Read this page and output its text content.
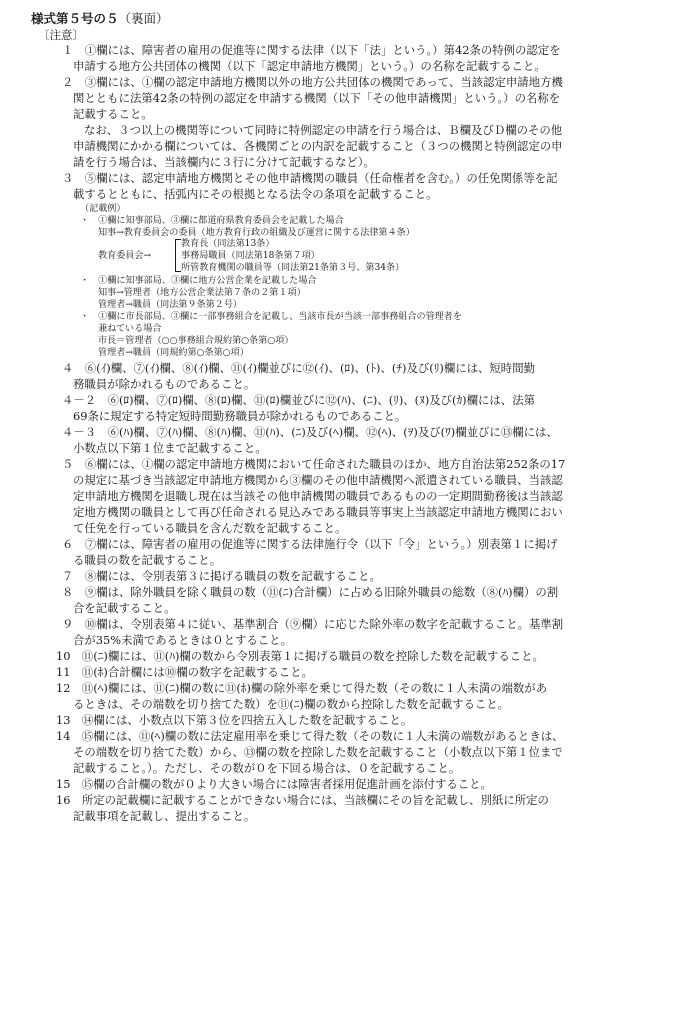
様式第５号の５（裏面）
〔注意〕
１　①欄には、障害者の雇用の促進等に関する法律（以下「法」という。）第42条の特例の認定を
申請する地方公共団体の機関（以下「認定申請地方機関」という。）の名称を記載すること。
２　③欄には、①欄の認定申請地方機関以外の地方公共団体の機関であって、当該認定申請地方機
関とともに法第42条の特例の認定を申請する機関（以下「その他申請機関」という。）の名称を
記載すること。
なお、３つ以上の機関等について同時に特例認定の申請を行う場合は、Ｂ欄及びＤ欄のその他
申請機関にかかる欄については、各機関ごとの内訳を記載すること（３つの機関と特例認定の申
請を行う場合は、当該欄内に３行に分けて記載するなど）。
３　⑤欄には、認定申請地方機関とその他申請機関の職員（任命権者を含む。）の任免関係等を記
載するとともに、括弧内にその根拠となる法令の条項を記載すること。
（記載例）
・　①欄に知事部局、③欄に都道府県教育委員会を記載した場合
知事→教育委員会の委員（地方教育行政の組織及び運営に関する法律第４条）
教育長（同法第13条）
教育委員会→	事務局職員（同法第18条第７項）
所管教育機関の職員等（同法第21条第３号、第34条）
・　①欄に知事部局、③欄に地方公営企業を記載した場合
知事→管理者（地方公営企業法第７条の２第１項）
管理者→職員（同法第９条第２号）
・　①欄に市長部局、③欄に一部事務組合を記載し、当該市長が当該一部事務組合の管理者を
兼ねている場合
市長＝管理者（○○事務組合規約第○条第○項）
管理者→職員（同規約第○条第○項）
４　⑥(ｲ)欄、⑦(ｲ)欄、⑧(ｲ)欄、⑪(ｲ)欄並びに⑫(ｲ)、(ﾛ)、(ﾄ)、(ﾁ)及び(ﾘ)欄には、短時間勤
務職員が除かれるものであること。
４－２　⑥(ﾛ)欄、⑦(ﾛ)欄、⑧(ﾛ)欄、⑪(ﾛ)欄並びに⑫(ﾊ)、(ﾆ)、(ﾘ)、(ﾇ)及び(ｶ)欄には、法第
69条に規定する特定短時間勤務職員が除かれるものであること。
４－３　⑥(ﾊ)欄、⑦(ﾊ)欄、⑧(ﾊ)欄、⑪(ﾊ)、(ﾆ)及び(ﾍ)欄、⑫(ﾍ)、(ｦ)及び(ﾜ)欄並びに⑬欄には、
小数点以下第１位まで記載すること。
５　⑥欄には、①欄の認定申請地方機関において任命された職員のほか、地方自治法第252条の17
の規定に基づき当該認定申請地方機関から③欄のその他申請機関へ派遣されている職員、当該認
定申請地方機関を退職し現在は当該その他申請機関の職員であるものの一定期間勤務後は当該認
定地方機関の職員として再び任命される見込みである職員等事実上当該認定申請地方機関におい
て任免を行っている職員を含んだ数を記載すること。
６　⑦欄には、障害者の雇用の促進等に関する法律施行令（以下「令」という。）別表第１に掲げ
る職員の数を記載すること。
７　⑧欄には、令別表第３に掲げる職員の数を記載すること。
８　⑨欄は、除外職員を除く職員の数（⑪(ﾆ)合計欄）に占める旧除外職員の総数（⑧(ﾊ)欄）の割
合を記載すること。
９　⑩欄は、令別表第４に従い、基準割合（⑨欄）に応じた除外率の数字を記載すること。基準割
合が35%未満であるときは０とすること。
10　⑪(ﾆ)欄には、⑪(ﾊ)欄の数から令別表第１に掲げる職員の数を控除した数を記載すること。
11　⑪(ﾎ)合計欄には⑩欄の数字を記載すること。
12　⑪(ﾍ)欄には、⑪(ﾆ)欄の数に⑪(ﾎ)欄の除外率を乗じて得た数（その数に１人未満の端数があ
るときは、その端数を切り捨てた数）を⑪(ﾆ)欄の数から控除した数を記載すること。
13　⑭欄には、小数点以下第３位を四捨五入した数を記載すること。
14　⑮欄には、⑪(ﾍ)欄の数に法定雇用率を乗じて得た数（その数に１人未満の端数があるときは、
その端数を切り捨てた数）から、⑬欄の数を控除した数を記載すること（小数点以下第１位まで
記載すること。）。ただし、その数が０を下回る場合は、０を記載すること。
15　⑮欄の合計欄の数が０より大きい場合には障害者採用促進計画を添付すること。
16　所定の記載欄に記載することができない場合には、当該欄にその旨を記載し、別紙に所定の
記載事項を記載し、提出すること。
